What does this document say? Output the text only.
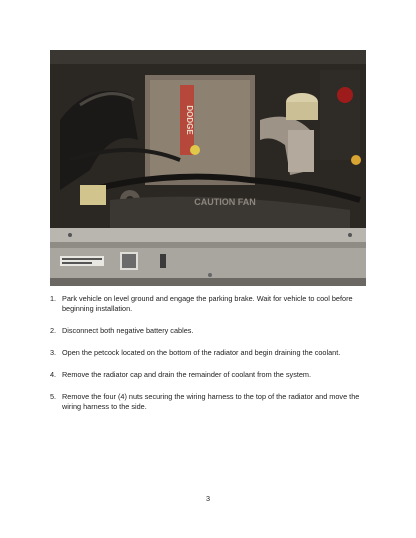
DODGE
CAUTION FAN
1. Park vehicle on level ground and engage the parking brake. Wait for vehicle to cool before beginning installation.
2. Disconnect both negative battery cables.
3. Open the petcock located on the bottom of the radiator and begin draining the coolant.
4. Remove the radiator cap and drain the remainder of coolant from the system.
5. Remove the four (4) nuts securing the wiring harness to the top of the radiator and move the wiring harness to the side.
3
